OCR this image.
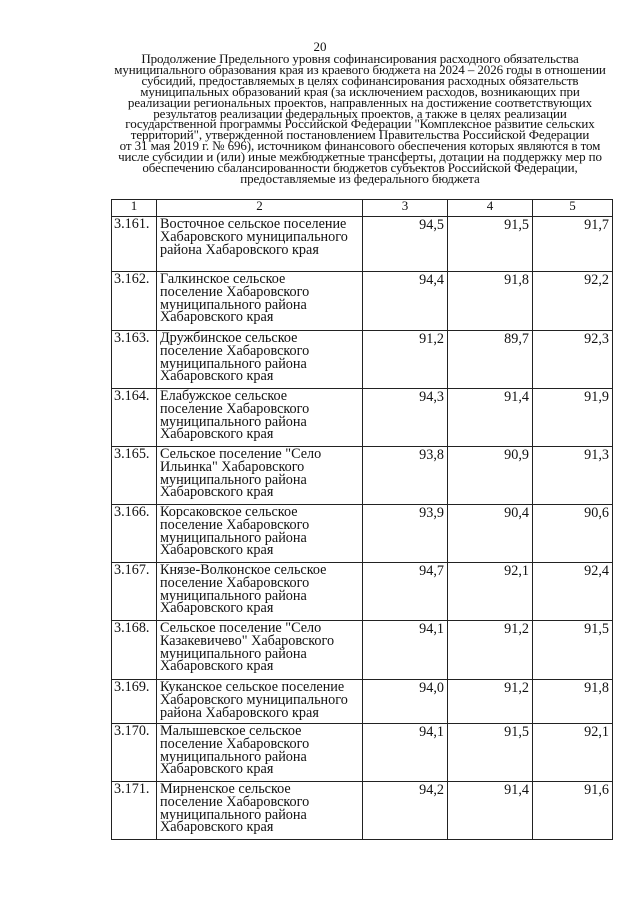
20
Продолжение Предельного уровня софинансирования расходного обязательства
муниципального образования края из краевого бюджета на 2024 – 2026 годы в отношении
субсидий, предоставляемых в целях софинансирования расходных обязательств
муниципальных образований края (за исключением расходов, возникающих при
реализации региональных проектов, направленных на достижение соответствующих
результатов реализации федеральных проектов, а также в целях реализации
государственной программы Российской Федерации "Комплексное развитие сельских
территорий", утвержденной постановлением Правительства Российской Федерации
от 31 мая 2019 г. № 696), источником финансового обеспечения которых являются в том
числе субсидии и (или) иные межбюджетные трансферты, дотации на поддержку мер по
обеспечению сбалансированности бюджетов субъектов Российской Федерации,
предоставляемые из федерального бюджета
1	2	3	4	5
3.161.	Восточное сельское поселение
Хабаровского муниципального
района Хабаровского края	94,5	91,5	91,7
3.162.	Галкинское сельское
поселение Хабаровского
муниципального района
Хабаровского края	94,4	91,8	92,2
3.163.	Дружбинское сельское
поселение Хабаровского
муниципального района
Хабаровского края	91,2	89,7	92,3
3.164.	Елабужское сельское
поселение Хабаровского
муниципального района
Хабаровского края	94,3	91,4	91,9
3.165.	Сельское поселение "Село
Ильинка" Хабаровского
муниципального района
Хабаровского края	93,8	90,9	91,3
3.166.	Корсаковское сельское
поселение Хабаровского
муниципального района
Хабаровского края	93,9	90,4	90,6
3.167.	Князе-Волконское сельское
поселение Хабаровского
муниципального района
Хабаровского края	94,7	92,1	92,4
3.168.	Сельское поселение "Село
Казакевичево" Хабаровского
муниципального района
Хабаровского края	94,1	91,2	91,5
3.169.	Куканское сельское поселение
Хабаровского муниципального
района Хабаровского края	94,0	91,2	91,8
3.170.	Малышевское сельское
поселение Хабаровского
муниципального района
Хабаровского края	94,1	91,5	92,1
3.171.	Мирненское сельское
поселение Хабаровского
муниципального района
Хабаровского края	94,2	91,4	91,6
